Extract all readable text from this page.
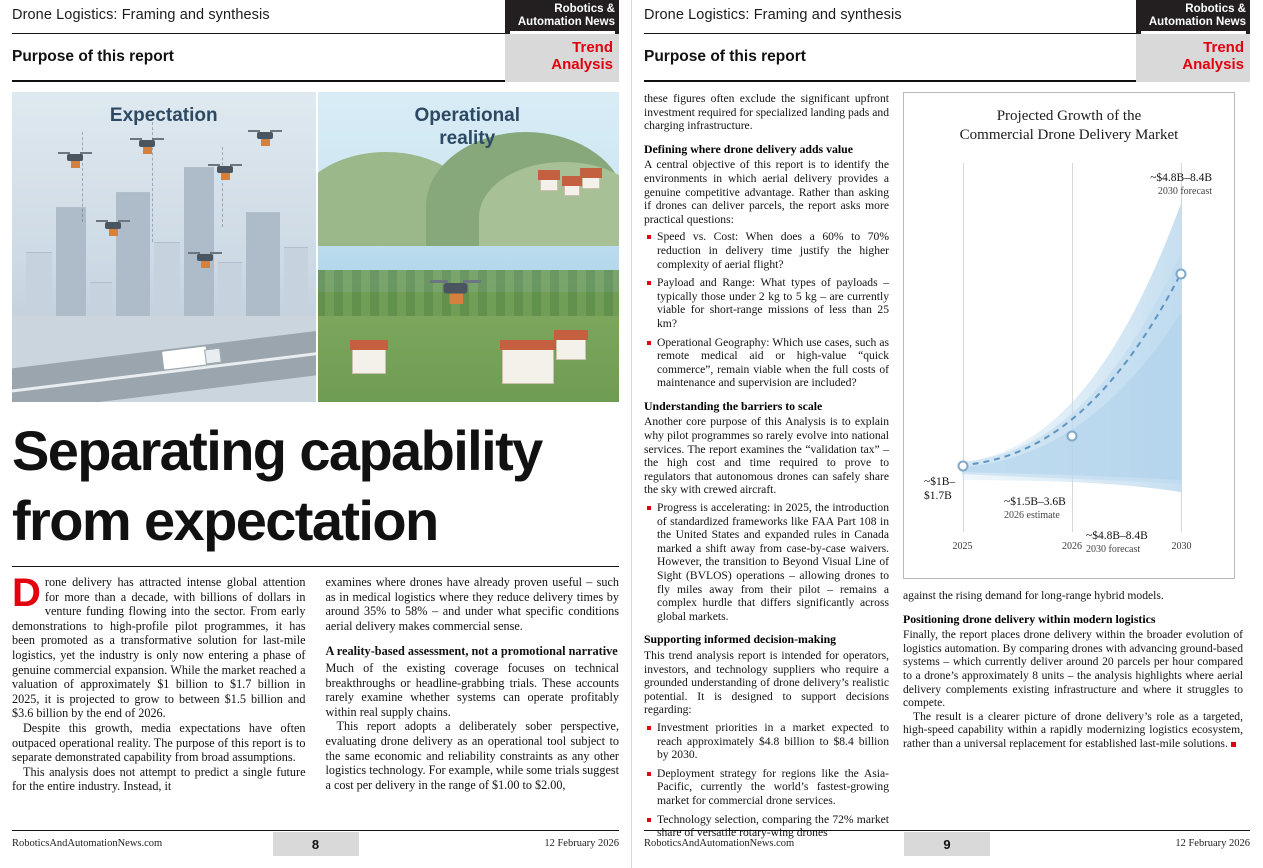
Drone Logistics: Framing and synthesis	Robotics &
Automation News
Purpose of this report
Trend
Analysis
Expectation	Operational
reality
Separating capability
from expectation

Drone delivery has attracted intense global attention for more than a decade, with billions of dollars in venture funding flowing into the sector. From early demonstrations to high-profile pilot programmes, it has been promoted as a transformative solution for last-mile logistics, yet the industry is only now entering a phase of genuine commercial expansion. While the market reached a valuation of approximately $1 billion to $1.7 billion in 2025, it is projected to grow to between $1.5 billion and $3.6 billion by the end of 2026.

Despite this growth, media expectations have often outpaced operational reality. The purpose of this report is to separate demonstrated capability from broad assumptions.

This analysis does not attempt to predict a single future for the entire industry. Instead, it

examines where drones have already proven useful – such as in medical logistics where they reduce delivery times by around 35% to 58% – and under what specific conditions aerial delivery makes commercial sense.

A reality-based assessment, not a promotional narrative

Much of the existing coverage focuses on technical breakthroughs or headline-grabbing trials. These accounts rarely examine whether systems can operate profitably within real supply chains.

This report adopts a deliberately sober perspective, evaluating drone delivery as an operational tool subject to the same economic and reliability constraints as any other logistics technology. For example, while some trials suggest a cost per delivery in the range of $1.00 to $2.00,

RoboticsAndAutomationNews.com	8	12 February 2026
Drone Logistics: Framing and synthesis	Robotics &
Automation News
Purpose of this report
Trend
Analysis

these figures often exclude the significant upfront investment required for specialized landing pads and charging infrastructure.

Defining where drone delivery adds value

A central objective of this report is to identify the environments in which aerial delivery provides a genuine competitive advantage. Rather than asking if drones can deliver parcels, the report asks more practical questions:

Speed vs. Cost: When does a 60% to 70% reduction in delivery time justify the higher complexity of aerial flight?
Payload and Range: What types of payloads – typically those under 2 kg to 5 kg – are currently viable for short-range missions of less than 25 km?
Operational Geography: Which use cases, such as remote medical aid or high-value “quick commerce”, remain viable when the full costs of maintenance and supervision are included?
Understanding the barriers to scale

Another core purpose of this Analysis is to explain why pilot programmes so rarely evolve into national services. The report examines the “validation tax” – the high cost and time required to prove to regulators that autonomous drones can safely share the sky with crewed aircraft.

Progress is accelerating: in 2025, the introduction of standardized frameworks like FAA Part 108 in the United States and expanded rules in Canada marked a shift away from case-by-case waivers. However, the transition to Beyond Visual Line of Sight (BVLOS) operations – allowing drones to fly miles away from their pilot – remains a complex hurdle that differs significantly across global markets.
Supporting informed decision-making

This trend analysis report is intended for operators, investors, and technology suppliers who require a grounded understanding of drone delivery’s realistic potential. It is designed to support decisions regarding:

Investment priorities in a market expected to reach approximately $4.8 billion to $8.4 billion by 2030.
Deployment strategy for regions like the Asia-Pacific, currently the world’s fastest-growing market for commercial drone services.
Technology selection, comparing the 72% market share of versatile rotary-wing drones
Projected Growth of the
Commercial Drone Delivery Market
2025	2026	2030
~$4.8B–8.4B
2030 forecast
~$1B–
$1.7B	~$1.5B–3.6B
2026 estimate
~$4.8B–8.4B
2030 forecast

against the rising demand for long-range hybrid models.

Positioning drone delivery within modern logistics

Finally, the report places drone delivery within the broader evolution of logistics automation. By comparing drones with advancing ground-based systems – which currently deliver around 20 parcels per hour compared to a drone’s approximately 8 units – the analysis highlights where aerial delivery complements existing infrastructure and where it struggles to compete.

The result is a clearer picture of drone delivery’s role as a targeted, high-speed capability within a rapidly modernizing logistics ecosystem, rather than a universal replacement for established last-mile solutions.

RoboticsAndAutomationNews.com	9	12 February 2026
